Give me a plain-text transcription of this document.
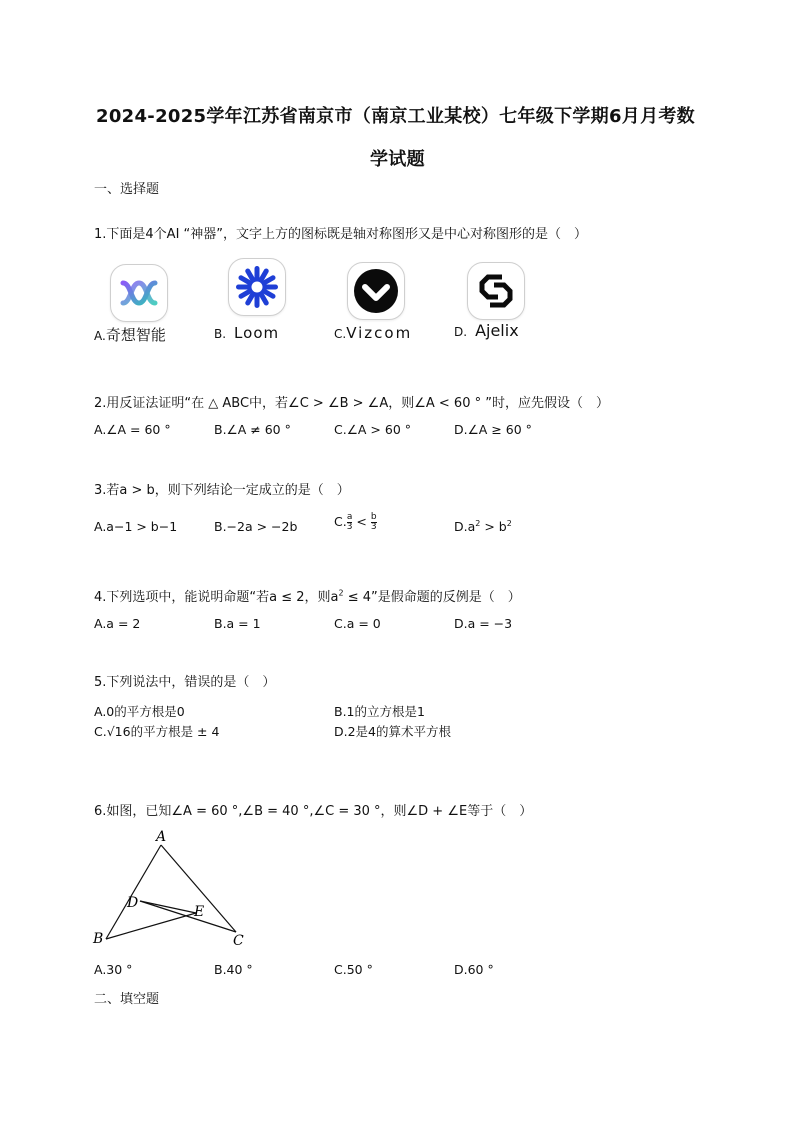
2024-2025学年江苏省南京市（南京工业某校）七年级下学期6月月考数
学试题
一、选择题
1.下面是4个AI “神器”，文字上方的图标既是轴对称图形又是中心对称图形的是（　）
A.奇想智能	B. Loom	C.Vizcom	D. Ajelix
2.用反证法证明“在 △ ABC中，若∠C > ∠B > ∠A，则∠A < 60 ° ”时，应先假设（　）
A.∠A = 60 °	B.∠A ≠ 60 °	C.∠A > 60 °	D.∠A ≥ 60 °
3.若a > b，则下列结论一定成立的是（　）
A.a−1 > b−1	B.−2a > −2b	C. $\frac{a}{3} < \frac{b}{3}$	$D.a^2 > b^2$
4.下列选项中，能说明命题“若a ≤ 2，则$a^2 \le 4$”是假命题的反例是（　）
A.a = 2	B.a = 1	C.a = 0	D.a = −3
5.下列说法中，错误的是（　）
A.0的平方根是0	B.1的立方根是1
C.√16的平方根是 ± 4	D.2是4的算术平方根
6.如图，已知∠A = 60 °,∠B = 40 °,∠C = 30 °，则∠D + ∠E等于（　）
A
B	C
D
E
A.30 °	B.40 °	C.50 °	D.60 °
二、填空题
